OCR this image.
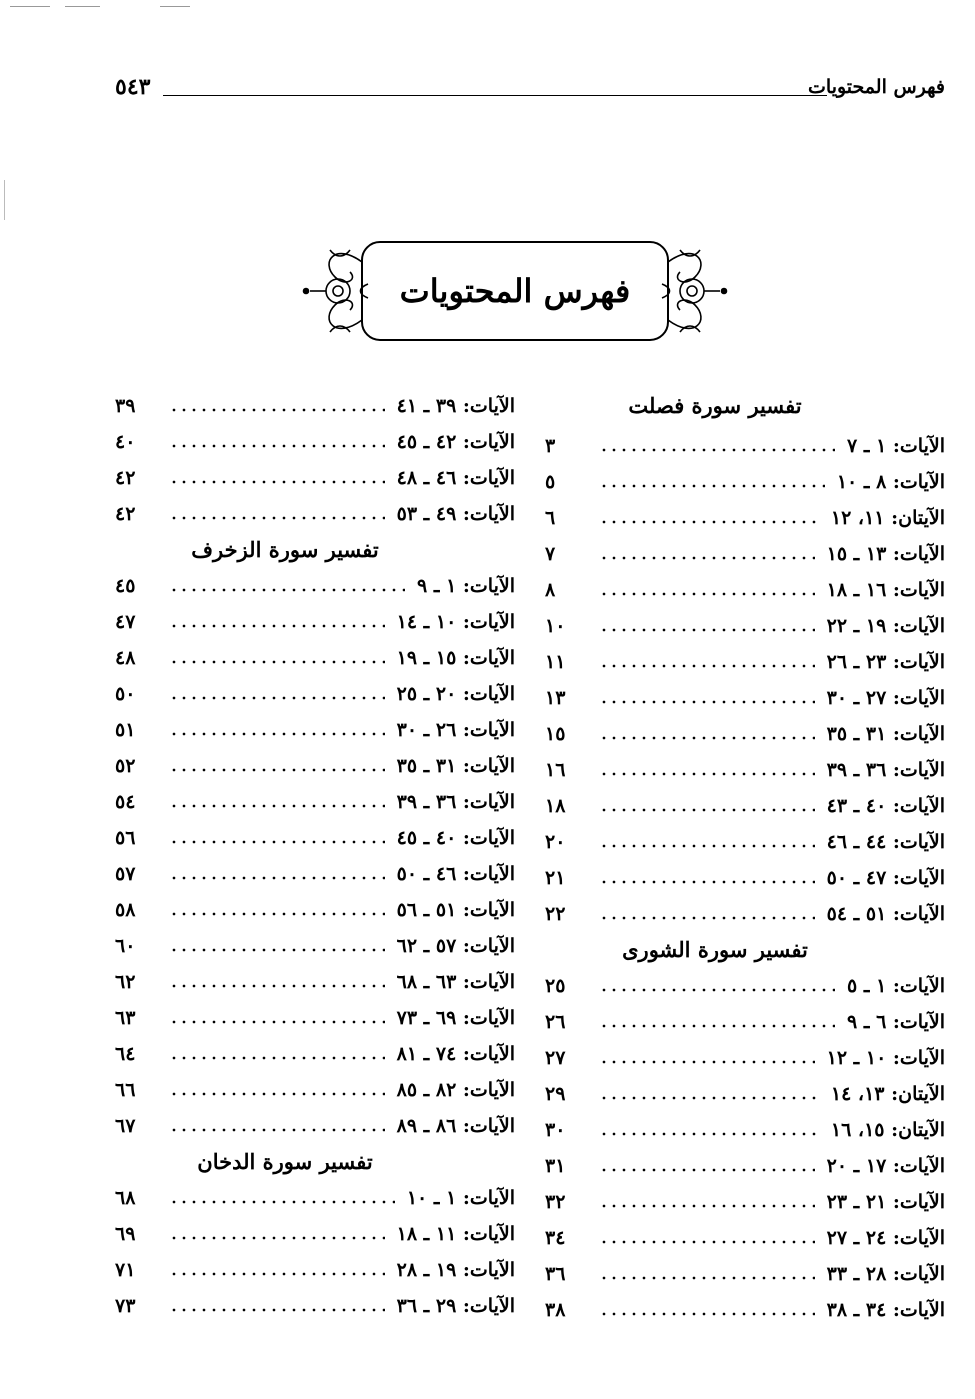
فهرس المحتويات
٥٤٣
فهرس المحتويات
تفسير سورة فصلت
الآيات: ١ ـ ٧
٣
الآيات: ٨ ـ ١٠
٥
الآيتان: ١١، ١٢
٦
الآيات: ١٣ ـ ١٥
٧
الآيات: ١٦ ـ ١٨
٨
الآيات: ١٩ ـ ٢٢
١٠
الآيات: ٢٣ ـ ٢٦
١١
الآيات: ٢٧ ـ ٣٠
١٣
الآيات: ٣١ ـ ٣٥
١٥
الآيات: ٣٦ ـ ٣٩
١٦
الآيات: ٤٠ ـ ٤٣
١٨
الآيات: ٤٤ ـ ٤٦
٢٠
الآيات: ٤٧ ـ ٥٠
٢١
الآيات: ٥١ ـ ٥٤
٢٢
تفسير سورة الشورى
الآيات: ١ ـ ٥
٢٥
الآيات: ٦ ـ ٩
٢٦
الآيات: ١٠ ـ ١٢
٢٧
الآيتان: ١٣، ١٤
٢٩
الآيتان: ١٥، ١٦
٣٠
الآيات: ١٧ ـ ٢٠
٣١
الآيات: ٢١ ـ ٢٣
٣٢
الآيات: ٢٤ ـ ٢٧
٣٤
الآيات: ٢٨ ـ ٣٣
٣٦
الآيات: ٣٤ ـ ٣٨
٣٨
الآيات: ٣٩ ـ ٤١
٣٩
الآيات: ٤٢ ـ ٤٥
٤٠
الآيات: ٤٦ ـ ٤٨
٤٢
الآيات: ٤٩ ـ ٥٣
٤٢
تفسير سورة الزخرف
الآيات: ١ ـ ٩
٤٥
الآيات: ١٠ ـ ١٤
٤٧
الآيات: ١٥ ـ ١٩
٤٨
الآيات: ٢٠ ـ ٢٥
٥٠
الآيات: ٢٦ ـ ٣٠
٥١
الآيات: ٣١ ـ ٣٥
٥٢
الآيات: ٣٦ ـ ٣٩
٥٤
الآيات: ٤٠ ـ ٤٥
٥٦
الآيات: ٤٦ ـ ٥٠
٥٧
الآيات: ٥١ ـ ٥٦
٥٨
الآيات: ٥٧ ـ ٦٢
٦٠
الآيات: ٦٣ ـ ٦٨
٦٢
الآيات: ٦٩ ـ ٧٣
٦٣
الآيات: ٧٤ ـ ٨١
٦٤
الآيات: ٨٢ ـ ٨٥
٦٦
الآيات: ٨٦ ـ ٨٩
٦٧
تفسير سورة الدخان
الآيات: ١ ـ ١٠
٦٨
الآيات: ١١ ـ ١٨
٦٩
الآيات: ١٩ ـ ٢٨
٧١
الآيات: ٢٩ ـ ٣٦
٧٣
